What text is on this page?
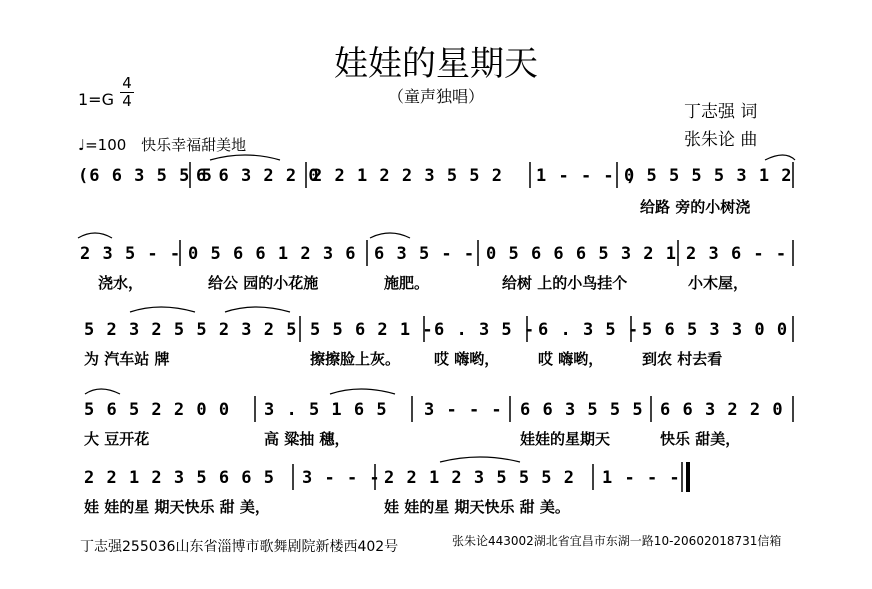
娃娃的星期天
（童声独唱）
1=G
4
4
♩=100 快乐幸福甜美地
丁志强 词
张朱论 曲
(6 6 3 5 5 5
6 6 3 2 2 0
2 2 1 2 2 3 5 5 2 1 - - - )
0 5 5 5 5 3 1 2
给路 旁的小树浇
2 3 5 - - 0 5 6 6 1 2 3 6 6 3 5 - - 0 5 6 6 6 5 3 2 1 2 3 6 - -
浇水，	给公 园的小花施	施肥。	给树 上的小鸟挂个	小木屋，
5 2 3 2 5 5 2 3 2 5 5 5 6 2 1 - 6 . 3 5 - 6 . 3 5 - 5 6 5 3 3 0 0
为 汽车站 牌	擦擦脸上灰。 哎 嗨哟，	哎 嗨哟，	到农 村去看
5 6 5 2 2 0 0 3 . 5 1 6 5 3 - - - 6 6 3 5 5 5 6 6 3 2 2 0
大 豆开花	高 粱抽 穗，	娃娃的星期天	快乐 甜美，
2 2 1 2 3 5 6 6 5 3 - - - 2 2 1 2 3 5 5 5 2 1 - - -
娃 娃的星 期天快乐 甜 美，	娃 娃的星 期天快乐 甜 美。
丁志强255036山东省淄博市歌舞剧院新楼西402号	张朱论443002湖北省宜昌市东湖一路10-20602018731信箱
